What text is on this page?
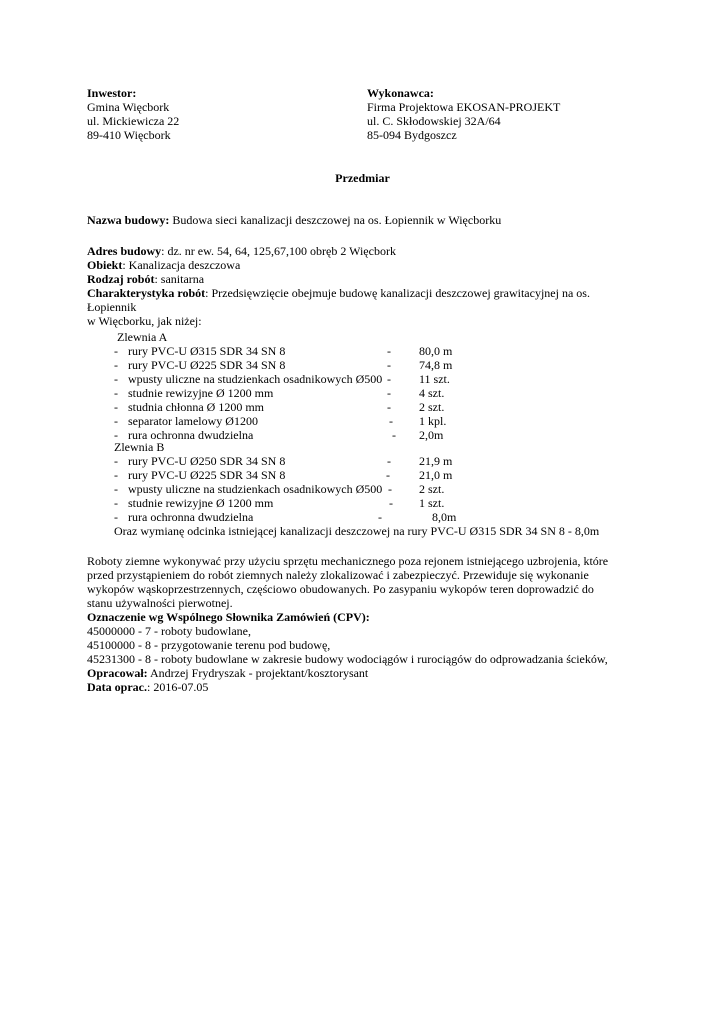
Inwestor:
Gmina Więcbork
ul. Mickiewicza 22
89-410 Więcbork
Wykonawca:
Firma Projektowa EKOSAN-PROJEKT
ul. C. Skłodowskiej 32A/64
85-094 Bydgoszcz
Przedmiar
Nazwa budowy: Budowa sieci kanalizacji deszczowej na os. Łopiennik w Więcborku
Adres budowy: dz. nr ew. 54, 64, 125,67,100 obręb 2 Więcbork
Obiekt: Kanalizacja deszczowa
Rodzaj robót: sanitarna
Charakterystyka robót: Przedsięwzięcie obejmuje budowę kanalizacji deszczowej grawitacyjnej na os. Łopiennik
w Więcborku, jak niżej:
Zlewnia A
- rury PVC-U Ø315 SDR 34 SN 8	- 80,0 m
- rury PVC-U Ø225 SDR 34 SN 8	- 74,8 m
- wpusty uliczne na studzienkach osadnikowych Ø500 - 11 szt.
- studnie rewizyjne Ø 1200 mm	- 4 szt.
- studnia chłonna Ø 1200 mm	- 2 szt.
- separator lamelowy Ø1200	- 1 kpl.
- rura ochronna dwudzielna	- 2,0m
Zlewnia B
- rury PVC-U Ø250 SDR 34 SN 8	- 21,9 m
- rury PVC-U Ø225 SDR 34 SN 8	- 21,0 m
- wpusty uliczne na studzienkach osadnikowych Ø500 - 2 szt.
- studnie rewizyjne Ø 1200 mm	- 1 szt.
- rura ochronna dwudzielna	-	8,0m
Oraz wymianę odcinka istniejącej kanalizacji deszczowej na rury PVC-U Ø315 SDR 34 SN 8 - 8,0m
Roboty ziemne wykonywać przy użyciu sprzętu mechanicznego poza rejonem istniejącego uzbrojenia, które przed przystąpieniem do robót ziemnych należy zlokalizować i zabezpieczyć. Przewiduje się wykonanie wykopów wąskoprzestrzennych, częściowo obudowanych. Po zasypaniu wykopów teren doprowadzić do stanu używalności pierwotnej.
Oznaczenie wg Wspólnego Słownika Zamówień (CPV):
45000000 - 7 - roboty budowlane,
45100000 - 8 - przygotowanie terenu pod budowę,
45231300 - 8 - roboty budowlane w zakresie budowy wodociągów i rurociągów do odprowadzania ścieków,
Opracował: Andrzej Frydryszak - projektant/kosztorysant
Data oprac.: 2016-07.05
